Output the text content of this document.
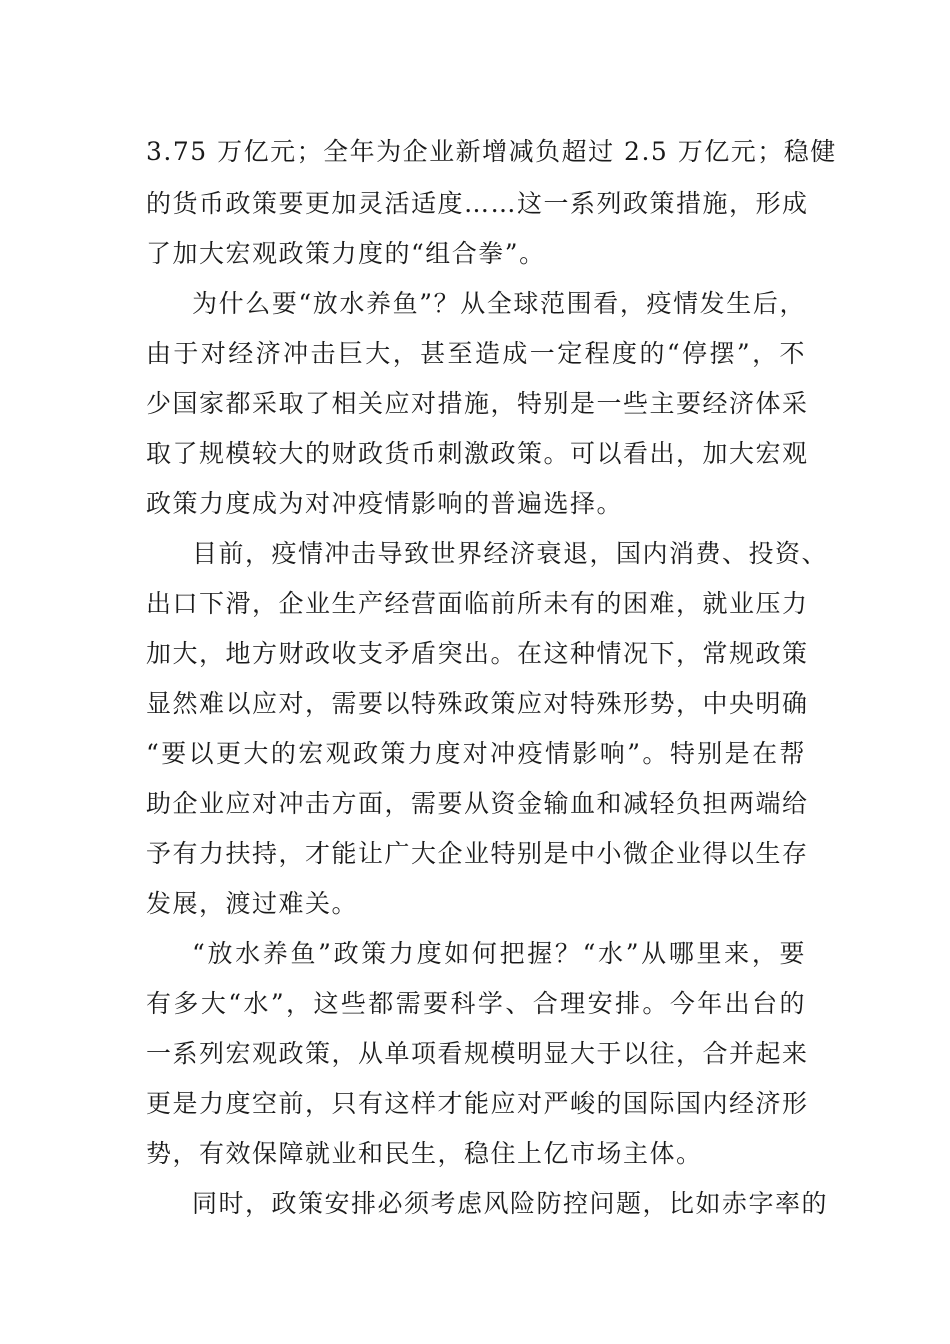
3.75 万亿元；全年为企业新增减负超过 2.5 万亿元；稳健

的货币政策要更加灵活适度……这一系列政策措施，形成

了加大宏观政策力度的“组合拳”。

为什么要“放水养鱼”？从全球范围看，疫情发生后，

由于对经济冲击巨大，甚至造成一定程度的“停摆”，不

少国家都采取了相关应对措施，特别是一些主要经济体采

取了规模较大的财政货币刺激政策。可以看出，加大宏观

政策力度成为对冲疫情影响的普遍选择。

目前，疫情冲击导致世界经济衰退，国内消费、投资、

出口下滑，企业生产经营面临前所未有的困难，就业压力

加大，地方财政收支矛盾突出。在这种情况下，常规政策

显然难以应对，需要以特殊政策应对特殊形势，中央明确

“要以更大的宏观政策力度对冲疫情影响”。特别是在帮

助企业应对冲击方面，需要从资金输血和减轻负担两端给

予有力扶持，才能让广大企业特别是中小微企业得以生存

发展，渡过难关。

“放水养鱼”政策力度如何把握？“水”从哪里来，要

有多大“水”，这些都需要科学、合理安排。今年出台的

一系列宏观政策，从单项看规模明显大于以往，合并起来

更是力度空前，只有这样才能应对严峻的国际国内经济形

势，有效保障就业和民生，稳住上亿市场主体。

同时，政策安排必须考虑风险防控问题，比如赤字率的
